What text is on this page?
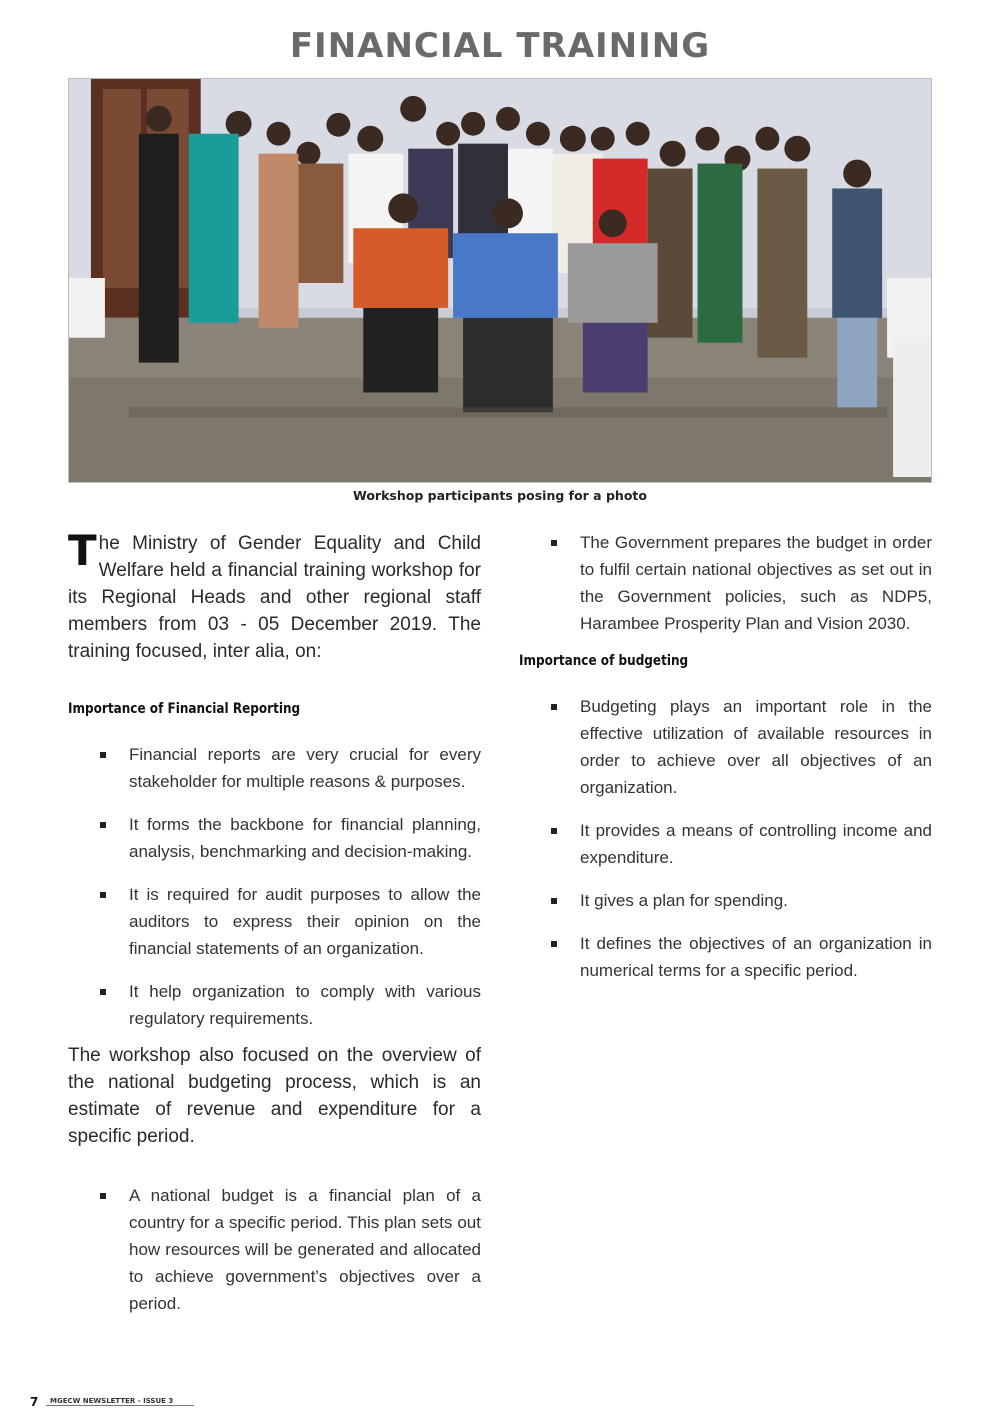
FINANCIAL TRAINING
Workshop participants posing for a photo

The Ministry of Gender Equality and Child Welfare held a financial training workshop for its Regional Heads and other regional staff members from 03 - 05 December 2019. The training focused, inter alia, on:

Importance of Financial Reporting
Financial reports are very crucial for every stakeholder for multiple reasons & purposes.
It forms the backbone for financial planning, analysis, benchmarking and decision-making.
It is required for audit purposes to allow the auditors to express their opinion on the financial statements of an organization.
It help organization to comply with various regulatory requirements.

The workshop also focused on the overview of the national budgeting process, which is an estimate of revenue and expenditure for a specific period.

A national budget is a financial plan of a country for a specific period. This plan sets out how resources will be generated and allocated to achieve government’s objectives over a period.
The Government prepares the budget in order to fulfil certain national objectives as set out in the Government policies, such as NDP5, Harambee Prosperity Plan and Vision 2030.
Importance of budgeting
Budgeting plays an important role in the effective utilization of available resources in order to achieve over all objectives of an organization.
It provides a means of controlling income and expenditure.
It gives a plan for spending.
It defines the objectives of an organization in numerical terms for a specific period.
7	MGECW NEWSLETTER - ISSUE 3
